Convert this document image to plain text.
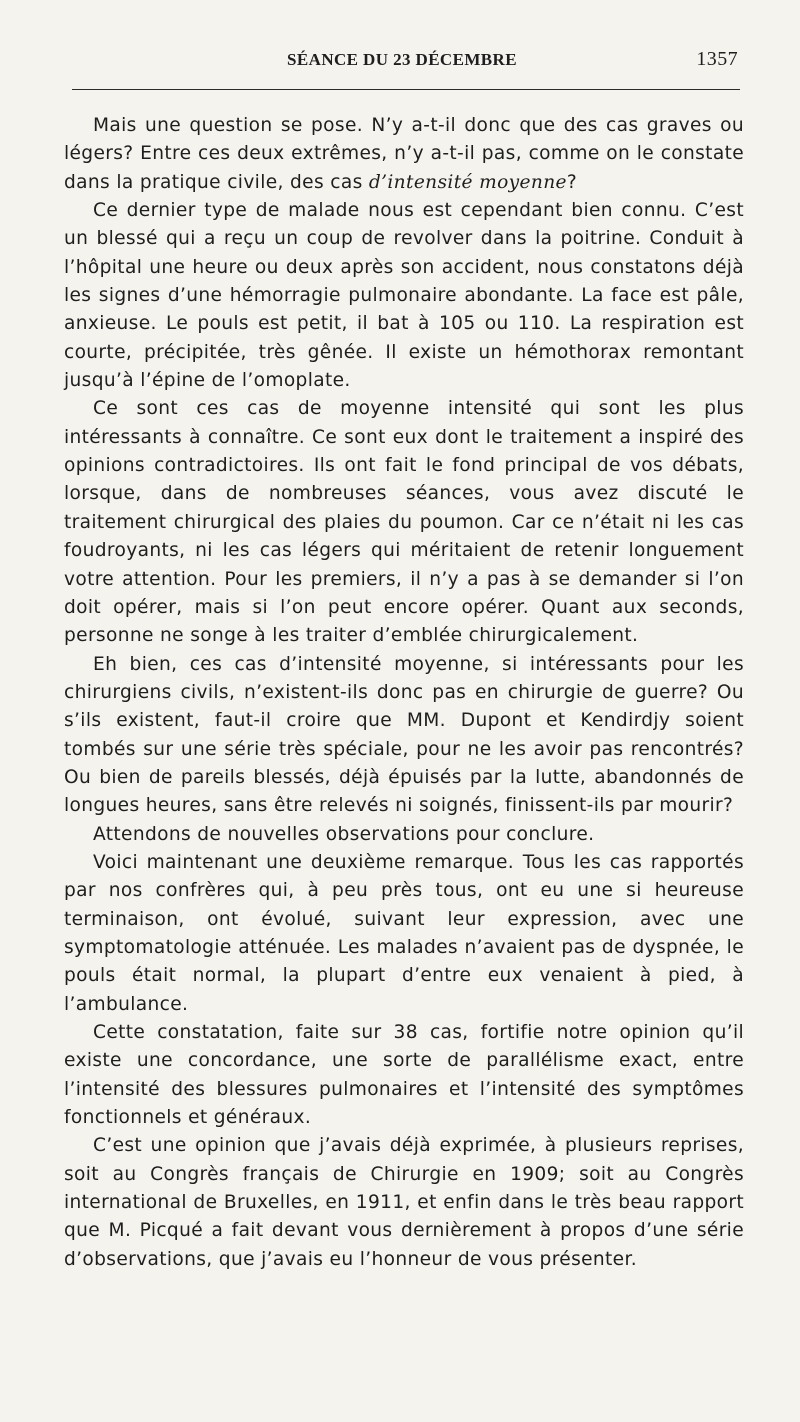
SÉANCE DU 23 DÉCEMBRE	1357

Mais une question se pose. N’y a-t-il donc que des cas graves ou légers? Entre ces deux extrêmes, n’y a-t-il pas, comme on le constate dans la pratique civile, des cas d’intensité moyenne?

Ce dernier type de malade nous est cependant bien connu. C’est un blessé qui a reçu un coup de revolver dans la poitrine. Conduit à l’hôpital une heure ou deux après son accident, nous constatons déjà les signes d’une hémorragie pulmonaire abondante. La face est pâle, anxieuse. Le pouls est petit, il bat à 105 ou 110. La respiration est courte, précipitée, très gênée. Il existe un hémothorax remontant jusqu’à l’épine de l’omoplate.

Ce sont ces cas de moyenne intensité qui sont les plus intéressants à connaître. Ce sont eux dont le traitement a inspiré des opinions contradictoires. Ils ont fait le fond principal de vos débats, lorsque, dans de nombreuses séances, vous avez discuté le traitement chirurgical des plaies du poumon. Car ce n’était ni les cas foudroyants, ni les cas légers qui méritaient de retenir longuement votre attention. Pour les premiers, il n’y a pas à se demander si l’on doit opérer, mais si l’on peut encore opérer. Quant aux seconds, personne ne songe à les traiter d’emblée chirurgicalement.

Eh bien, ces cas d’intensité moyenne, si intéressants pour les chirurgiens civils, n’existent-ils donc pas en chirurgie de guerre? Ou s’ils existent, faut-il croire que MM. Dupont et Kendirdjy soient tombés sur une série très spéciale, pour ne les avoir pas rencontrés? Ou bien de pareils blessés, déjà épuisés par la lutte, abandonnés de longues heures, sans être relevés ni soignés, finissent-ils par mourir?

Attendons de nouvelles observations pour conclure.

Voici maintenant une deuxième remarque. Tous les cas rapportés par nos confrères qui, à peu près tous, ont eu une si heureuse terminaison, ont évolué, suivant leur expression, avec une symptomatologie atténuée. Les malades n’avaient pas de dyspnée, le pouls était normal, la plupart d’entre eux venaient à pied, à l’ambulance.

Cette constatation, faite sur 38 cas, fortifie notre opinion qu’il existe une concordance, une sorte de parallélisme exact, entre l’intensité des blessures pulmonaires et l’intensité des symptômes fonctionnels et généraux.

C’est une opinion que j’avais déjà exprimée, à plusieurs reprises, soit au Congrès français de Chirurgie en 1909; soit au Congrès international de Bruxelles, en 1911, et enfin dans le très beau rapport que M. Picqué a fait devant vous dernièrement à propos d’une série d’observations, que j’avais eu l’honneur de vous présenter.
